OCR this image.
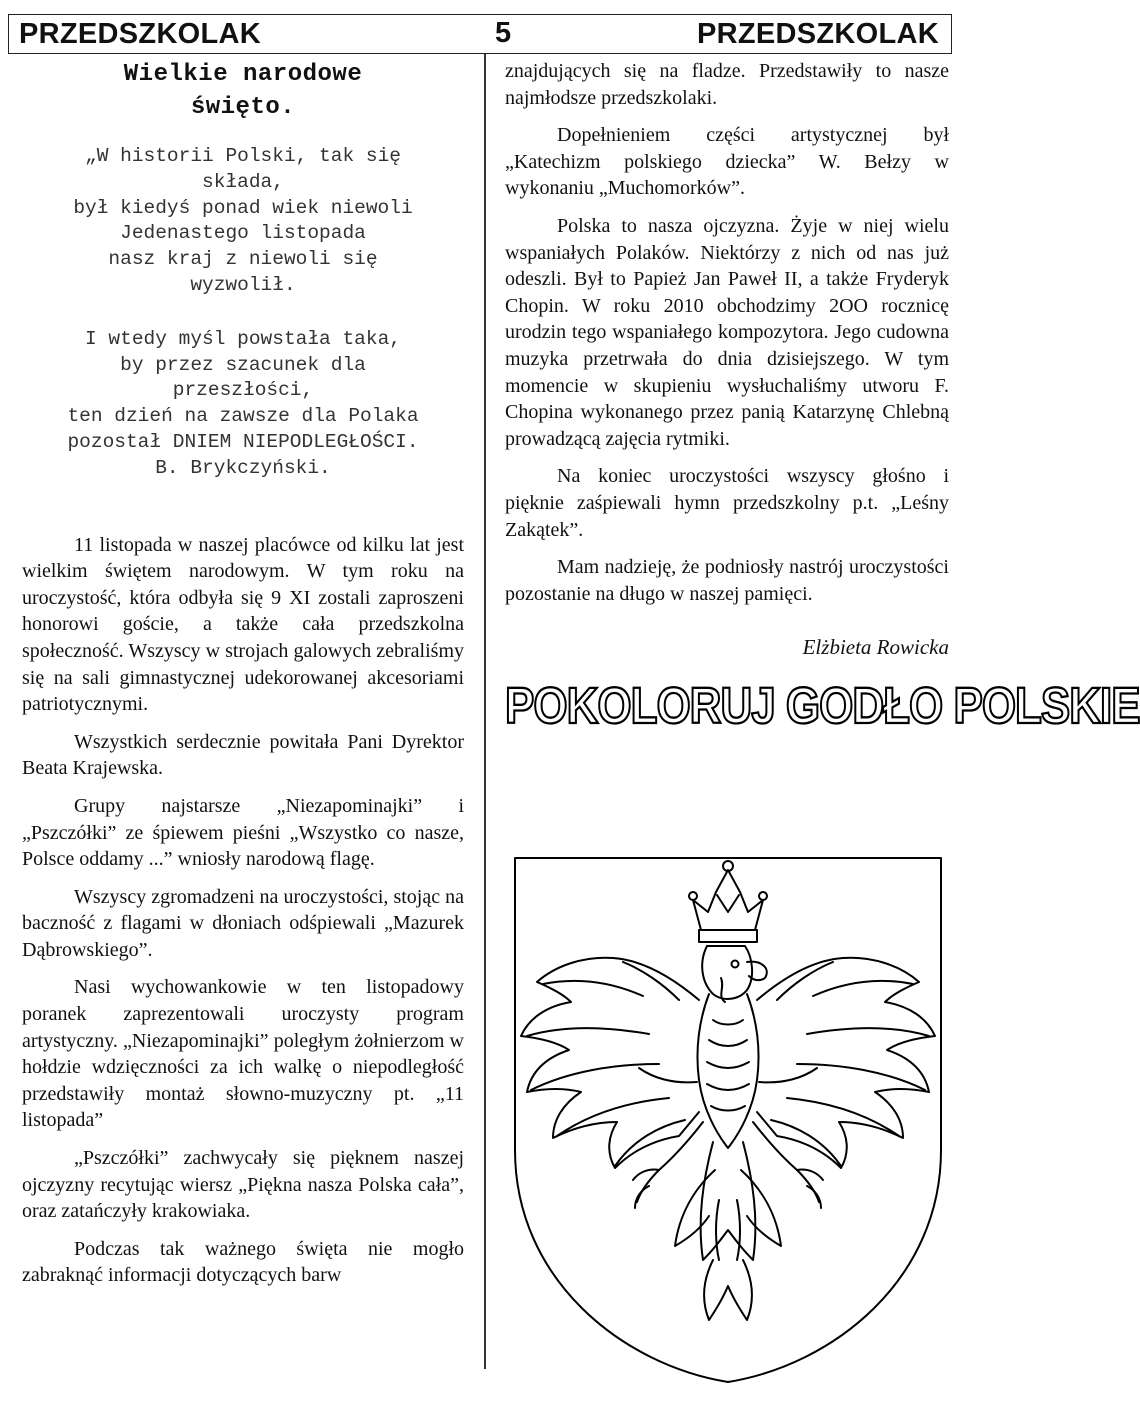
PRZEDSZKOLAK	5	PRZEDSZKOLAK
Wielkie narodowe
święto.
„W historii Polski, tak się
składa,
był kiedyś ponad wiek niewoli
Jedenastego listopada
nasz kraj z niewoli się
wyzwolił.
I wtedy myśl powstała taka,
by przez szacunek dla
przeszłości,
ten dzień na zawsze dla Polaka
pozostał DNIEM NIEPODLEGŁOŚCI.
B. Brykczyński.

11 listopada w naszej placówce od kilku lat jest wielkim świętem narodowym. W tym roku na uroczystość, która odbyła się 9 XI zostali zaproszeni honorowi goście, a także cała przedszkolna społeczność. Wszyscy w strojach galowych zebraliśmy się na sali gimnastycznej udekorowanej akcesoriami patriotycznymi.

Wszystkich serdecznie powitała Pani Dyrektor Beata Krajewska.

Grupy najstarsze „Niezapominajki” i „Pszczółki” ze śpiewem pieśni „Wszystko co nasze, Polsce oddamy ...” wniosły narodową flagę.

Wszyscy zgromadzeni na uroczystości, stojąc na baczność z flagami w dłoniach odśpiewali „Mazurek Dąbrowskiego”.

Nasi wychowankowie w ten listopadowy poranek zaprezentowali uroczysty program artystyczny. „Niezapominajki” poległym żołnierzom w hołdzie wdzięczności za ich walkę o niepodległość przedstawiły montaż słowno-muzyczny pt. „11 listopada”

„Pszczółki” zachwycały się pięknem naszej ojczyzny recytując wiersz „Piękna nasza Polska cała”, oraz zatańczyły krakowiaka.

Podczas tak ważnego święta nie mogło zabraknąć informacji dotyczących barw

znajdujących się na fladze. Przedstawiły to nasze najmłodsze przedszkolaki.

Dopełnieniem części artystycznej był „Katechizm polskiego dziecka” W. Bełzy w wykonaniu „Muchomorków”.

Polska to nasza ojczyzna. Żyje w niej wielu wspaniałych Polaków. Niektórzy z nich od nas już odeszli. Był to Papież Jan Paweł II, a także Fryderyk Chopin. W roku 2010 obchodzimy 2OO rocznicę urodzin tego wspaniałego kompozytora. Jego cudowna muzyka przetrwała do dnia dzisiejszego. W tym momencie w skupieniu wysłuchaliśmy utworu F. Chopina wykonanego przez panią Katarzynę Chlebną prowadzącą zajęcia rytmiki.

Na koniec uroczystości wszyscy głośno i pięknie zaśpiewali hymn przedszkolny p.t. „Leśny Zakątek”.

Mam nadzieję, że podniosły nastrój uroczystości pozostanie na długo w naszej pamięci.

Elżbieta Rowicka
POKOLORUJ GODŁO POLSKIE
